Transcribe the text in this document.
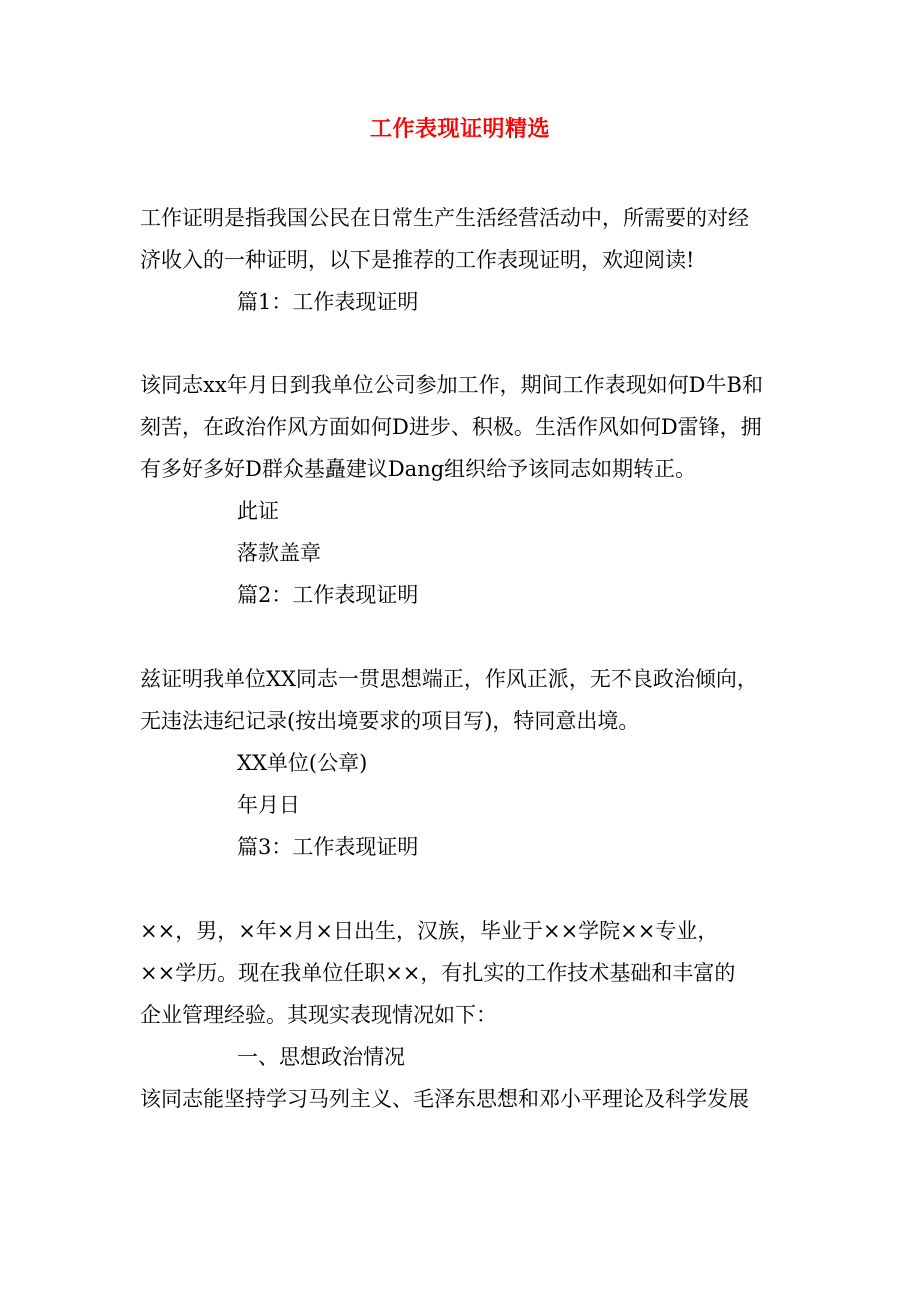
工作表现证明精选
工作证明是指我国公民在日常生产生活经营活动中，所需要的对经
济收入的一种证明，以下是推荐的工作表现证明，欢迎阅读!
篇1：工作表现证明
该同志xx年月日到我单位公司参加工作，期间工作表现如何D牛B和
刻苦，在政治作风方面如何D进步、积极。生活作风如何D雷锋，拥
有多好多好D群众基矗建议Dang组织给予该同志如期转正。
此证
落款盖章
篇2：工作表现证明
兹证明我单位XX同志一贯思想端正，作风正派，无不良政治倾向，
无违法违纪记录(按出境要求的项目写)，特同意出境。
XX单位(公章)
年月日
篇3：工作表现证明
××，男，×年×月×日出生，汉族，毕业于××学院××专业，
××学历。现在我单位任职××，有扎实的工作技术基础和丰富的
企业管理经验。其现实表现情况如下：
一、思想政治情况
该同志能坚持学习马列主义、毛泽东思想和邓小平理论及科学发展
